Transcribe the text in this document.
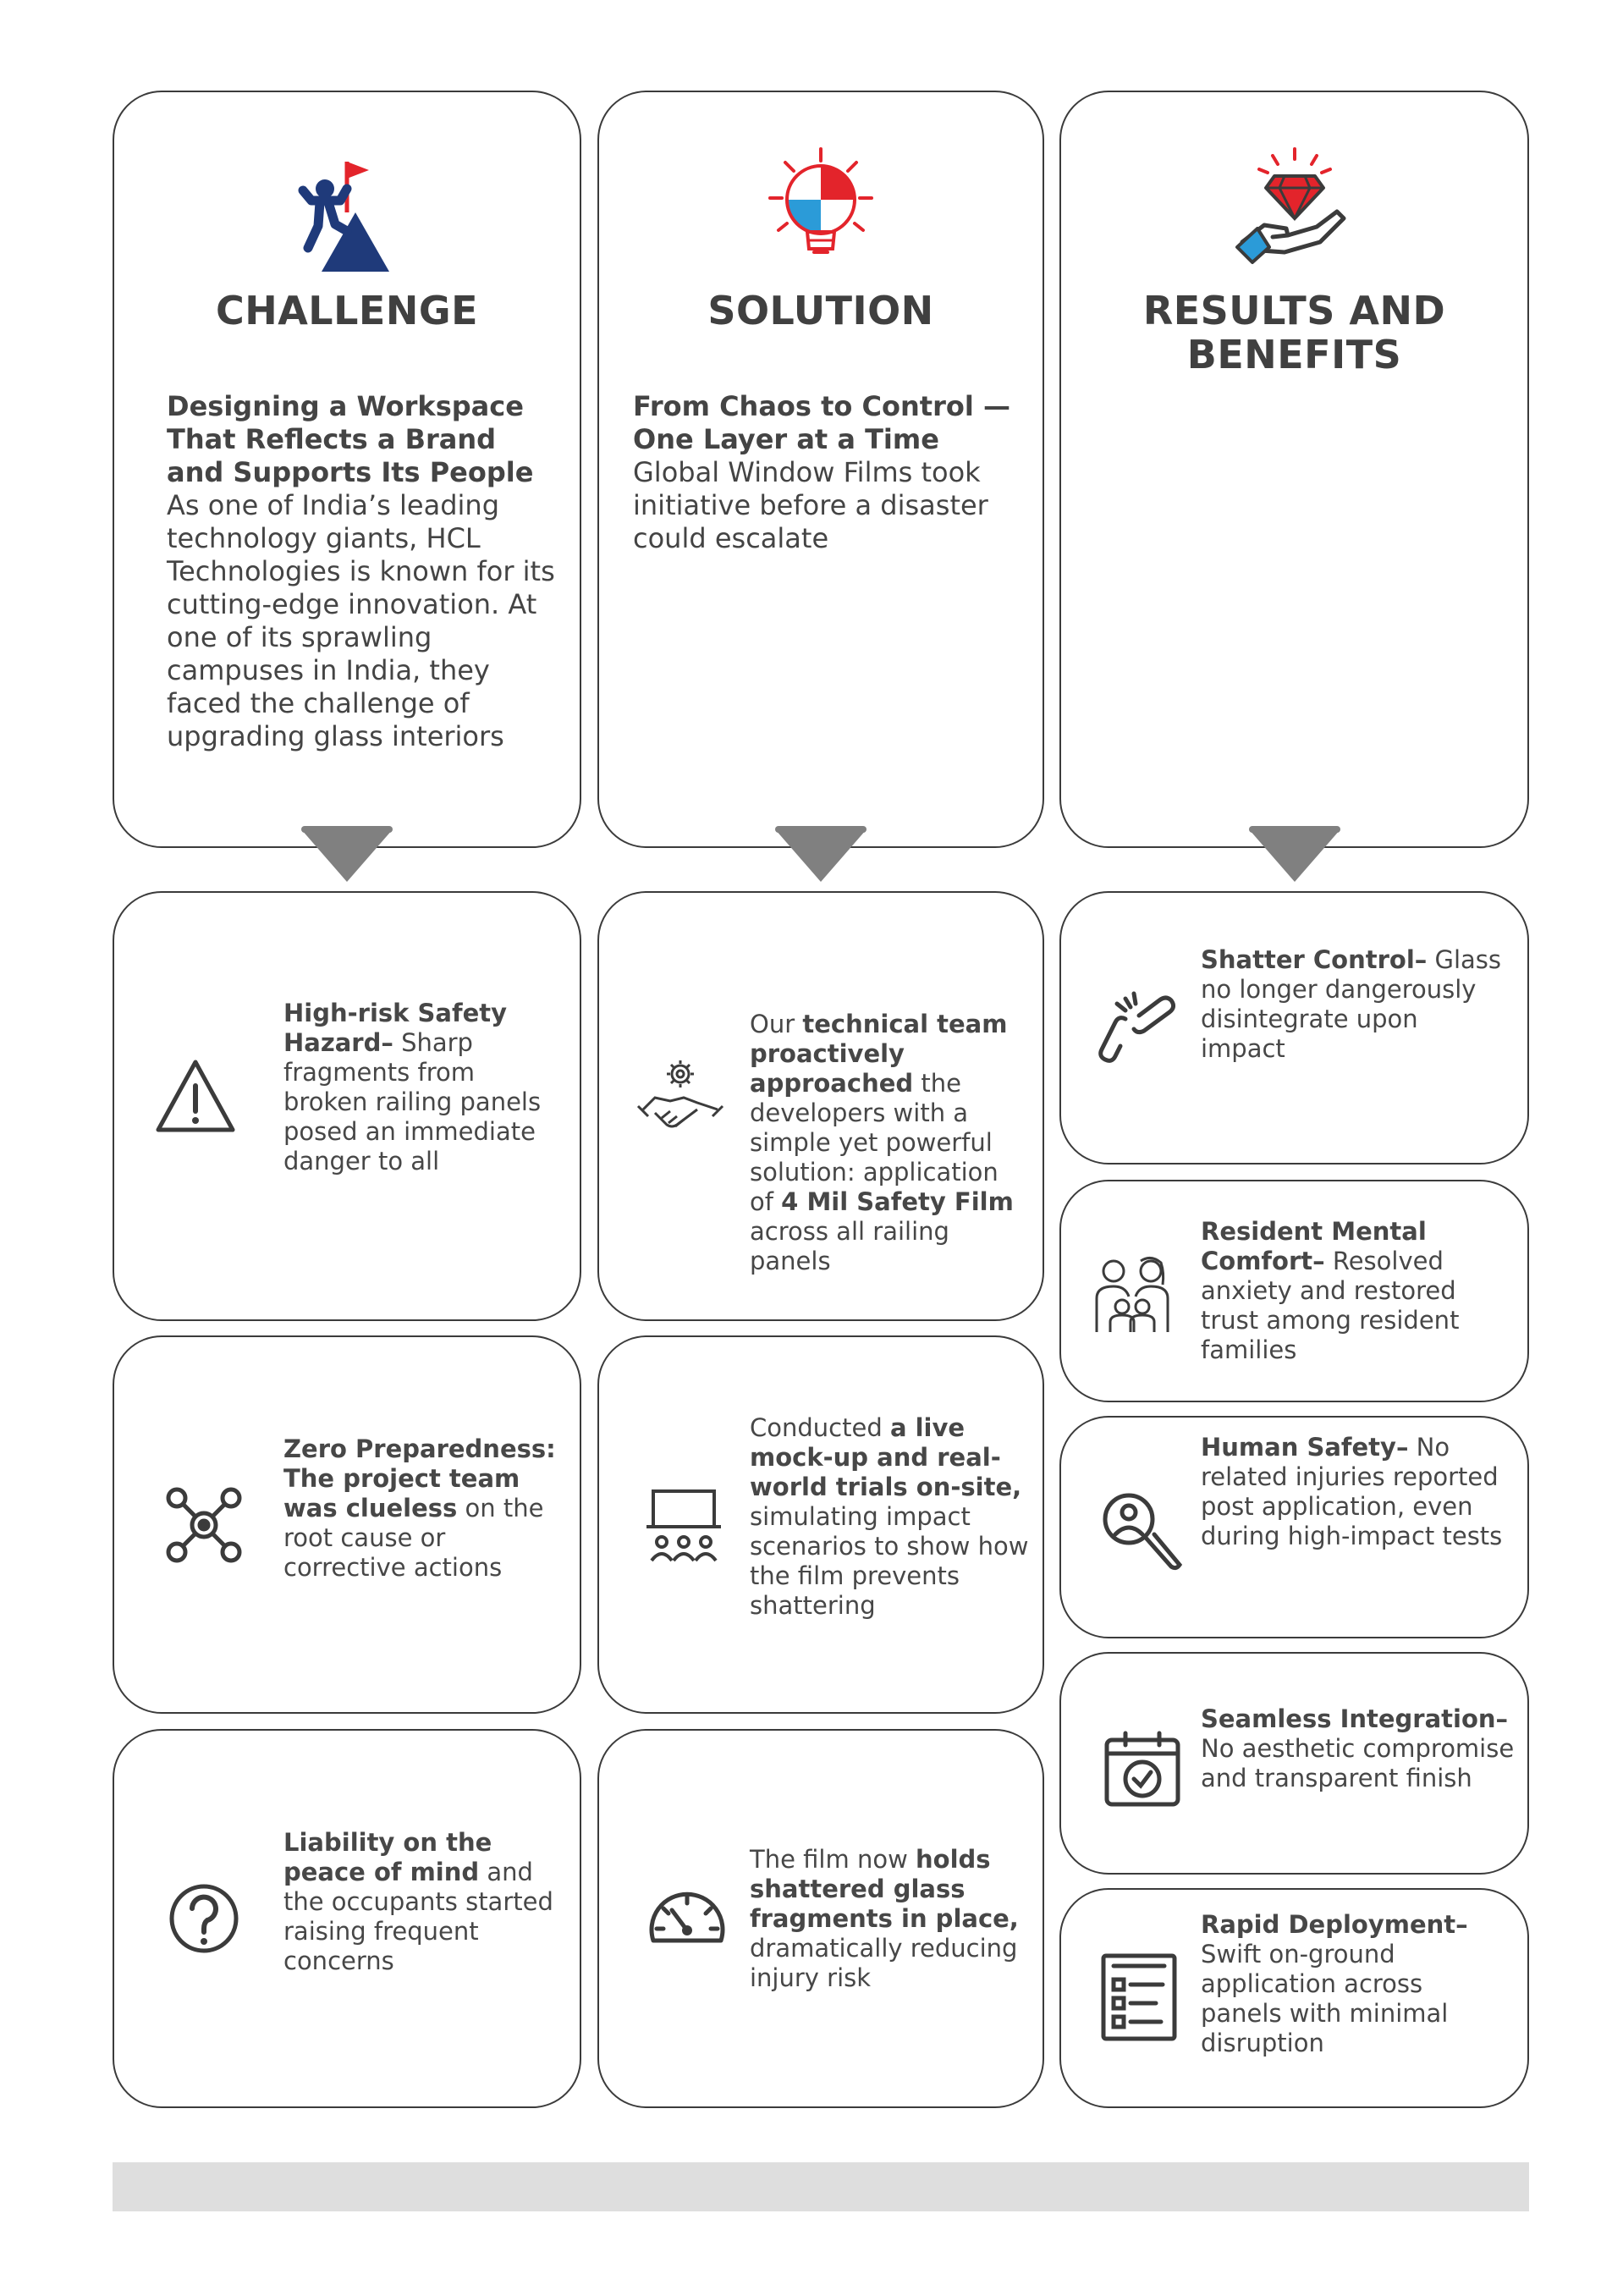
CHALLENGE
Designing a Workspace That Reflects a Brand and Supports Its People As one of India’s leading technology giants, HCL Technologies is known for its cutting-edge innovation. At one of its sprawling campuses in India, they faced the challenge of upgrading glass interiors
SOLUTION
From Chaos to Control — One Layer at a Time Global Window Films took initiative before a disaster could escalate
RESULTS AND BENEFITS
High-risk Safety Hazard– Sharp fragments from broken railing panels posed an immediate danger to all
Zero Preparedness: The project team was clueless on the root cause or corrective actions
Liability on the peace of mind and the occupants started raising frequent concerns
Our technical team proactively approached the developers with a simple yet powerful solution: application of 4 Mil Safety Film across all railing panels
Conducted a live mock-up and real-world trials on-site, simulating impact scenarios to show how the film prevents shattering
The film now holds shattered glass fragments in place, dramatically reducing injury risk
Shatter Control– Glass no longer dangerously disintegrate upon impact
Resident Mental Comfort– Resolved anxiety and restored trust among resident families
Human Safety– No related injuries reported post application, even during high-impact tests
Seamless Integration– No aesthetic compromise and transparent finish
Rapid Deployment– Swift on-ground application across panels with minimal disruption
